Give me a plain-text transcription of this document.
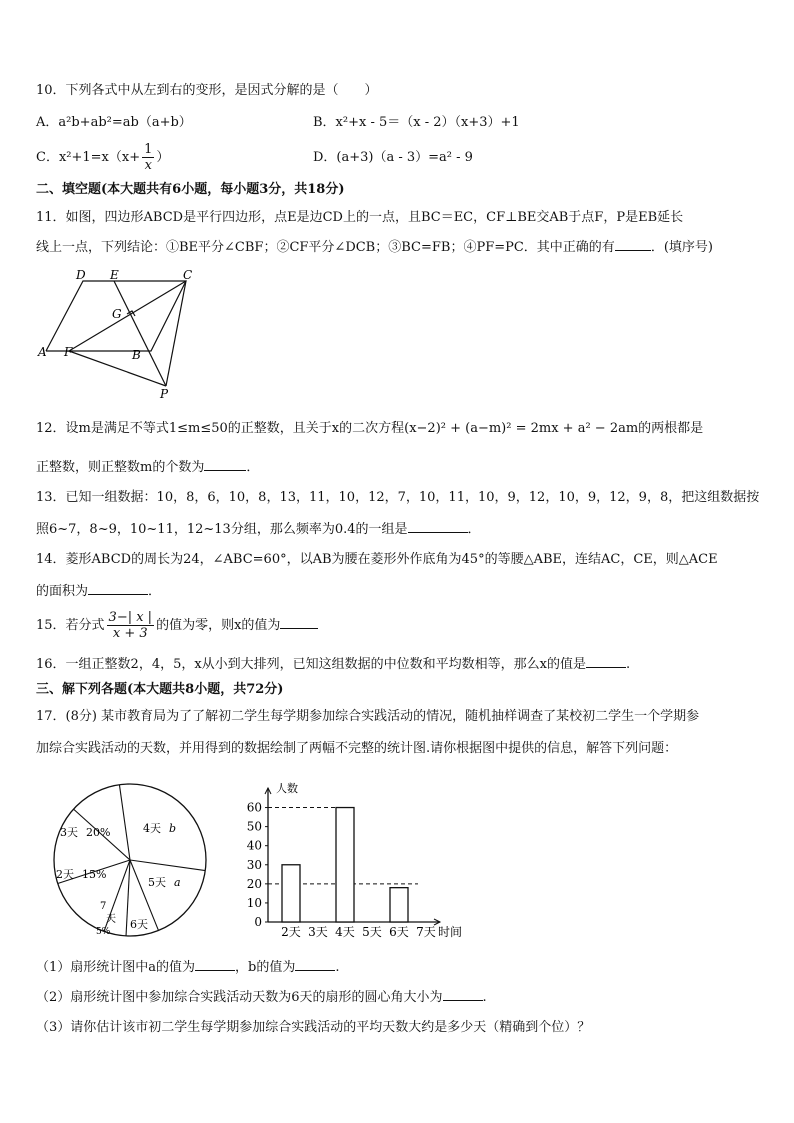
10．下列各式中从左到右的变形，是因式分解的是（　　）
A．a²b+ab²=ab（a+b）	B．x²+x - 5＝（x - 2）（x+3）+1
C．$x^2+1=x(x+ \frac{1}{x}$ ）	D．(a+3)（a - 3）=a² - 9
二、填空题(本大题共有6小题，每小题3分，共18分)
11．如图，四边形ABCD是平行四边形，点E是边CD上的一点，且BC＝EC，CF⊥BE交AB于点F，P是EB延长
线上一点，下列结论：①BE平分∠CBF；②CF平分∠DCB；③BC=FB；④PF=PC．其中正确的有	．(填序号)
D E	C
G
A F	B
P
12．设m是满足不等式1≤m≤50的正整数，且关于x的二次方程(x−2)² + (a−m)² = 2mx + a² − 2am的两根都是
正整数，则正整数m的个数为	．
13．已知一组数据：10，8，6，10，8，13，11，10，12，7，10，11，10，9，12，10，9，12，9，8，把这组数据按
照6~7，8~9，10~11，12~13分组，那么频率为0.4的一组是	．
14．菱形ABCD的周长为24，∠ABC=60°，以AB为腰在菱形外作底角为45°的等腰△ABE，连结AC，CE，则△ACE
的面积为	．
15．若分式 $\frac{3-| x |}{x + 3}$ 的值为零，则x的值为
16．一组正整数2，4，5，x从小到大排列，已知这组数据的中位数和平均数相等，那么x的值是	.
三、解下列各题(本大题共8小题，共72分)
17．(8分) 某市教育局为了了解初二学生每学期参加综合实践活动的情况，随机抽样调查了某校初二学生一个学期参
加综合实践活动的天数，并用得到的数据绘制了两幅不完整的统计图.请你根据图中提供的信息，解答下列问题：
4天 b
5天 a
6天
7
天
5%
2天 15%
3天 20%
人数
0
10
20
30
40
50
60
2天 3天 4天 5天 6天 7天 时间
（1）扇形统计图中a的值为	，b的值为	.
（2）扇形统计图中参加综合实践活动天数为6天的扇形的圆心角大小为	.
（3）请你估计该市初二学生每学期参加综合实践活动的平均天数大约是多少天（精确到个位）？
